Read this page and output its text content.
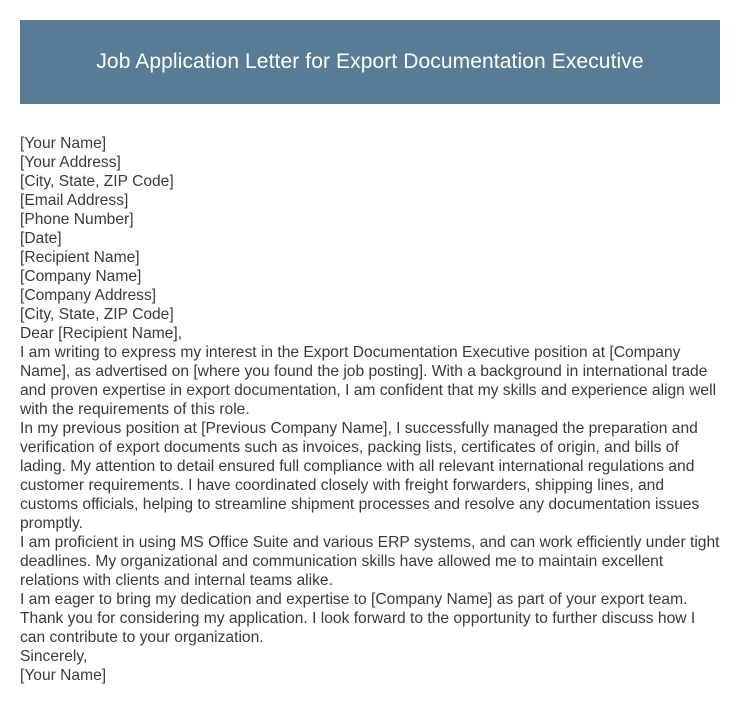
Job Application Letter for Export Documentation Executive
[Your Name]
[Your Address]
[City, State, ZIP Code]
[Email Address]
[Phone Number]
[Date]
[Recipient Name]
[Company Name]
[Company Address]
[City, State, ZIP Code]
Dear [Recipient Name],

I am writing to express my interest in the Export Documentation Executive position at [Company Name], as advertised on [where you found the job posting]. With a background in international trade and proven expertise in export documentation, I am confident that my skills and experience align well with the requirements of this role.

In my previous position at [Previous Company Name], I successfully managed the preparation and verification of export documents such as invoices, packing lists, certificates of origin, and bills of lading. My attention to detail ensured full compliance with all relevant international regulations and customer requirements. I have coordinated closely with freight forwarders, shipping lines, and customs officials, helping to streamline shipment processes and resolve any documentation issues promptly.

I am proficient in using MS Office Suite and various ERP systems, and can work efficiently under tight deadlines. My organizational and communication skills have allowed me to maintain excellent relations with clients and internal teams alike.

I am eager to bring my dedication and expertise to [Company Name] as part of your export team. Thank you for considering my application. I look forward to the opportunity to further discuss how I can contribute to your organization.

Sincerely,
[Your Name]
